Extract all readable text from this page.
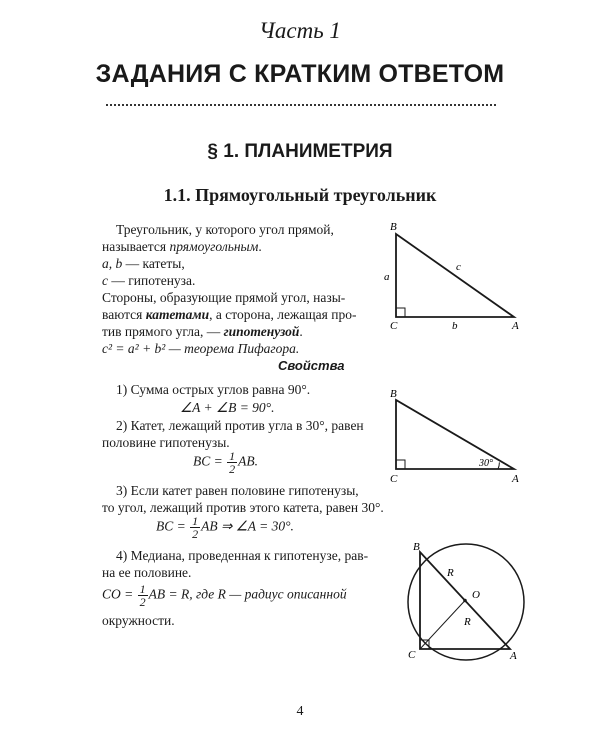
Часть 1
ЗАДАНИЯ С КРАТКИМ ОТВЕТОМ
§ 1. ПЛАНИМЕТРИЯ
1.1. Прямоугольный треугольник
Треугольник, у которого угол прямой,
называется прямоугольным.
a, b — катеты,
c — гипотенуза.
Стороны, образующие прямой угол, назы-
ваются катетами, а сторона, лежащая про-
тив прямого угла, — гипотенузой.
c² = a² + b² — теорема Пифагора.
Свойства
1) Сумма острых углов равна 90°.
∠A + ∠B = 90°.
2) Катет, лежащий против угла в 30°, равен
половине гипотенузы.
BC = $\frac{1}{2}$ AB.
3) Если катет равен половине гипотенузы,
то угол, лежащий против этого катета, равен 30°.
BC = $\frac{1}{2}$ AB ⇒ ∠A = 30°.
4) Медиана, проведенная к гипотенузе, рав-
на ее половине.
CO = $\frac{1}{2}$ AB = R, где R — радиус описанной
окружности.
B
C	A
a
b
c
B
C	A
30°
B
C	A
O
R
R
4
